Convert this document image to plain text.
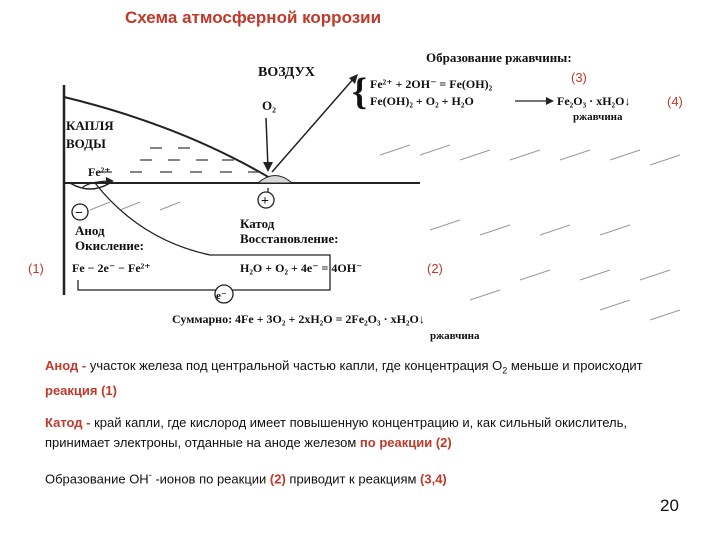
Схема атмосферной коррозии
e⁻
+
−
ВОЗДУХ
O₂
КАПЛЯ
ВОДЫ
Fe²⁺
Анод
Окисление:
Fe − 2e⁻ − Fe²⁺
Катод
Восстановление:
H₂O + O₂ + 4e⁻ = 4OH⁻
Образование ржавчины:
{ Fe²⁺ + 2OH⁻ = Fe(OH)₂
Fe(OH)₂ + O₂ + H₂O	Fe₂O₃ · xH₂O↓
ржавчина
Суммарно: 4Fe + 3O₂ + 2xH₂O = 2Fe₂O₃ · xH₂O↓
ржавчина
(1)	(2)
(3)
(4)

Анод - участок железа под центральной частью капли, где концентрация $O_2$ меньше и происходит реакция (1)

Катод - край капли, где кислород имеет повышенную концентрацию и, как сильный окислитель, принимает электроны, отданные на аноде железом по реакции (2)

Образование OH- -ионов по реакции (2) приводит к реакциям (3,4)

20
